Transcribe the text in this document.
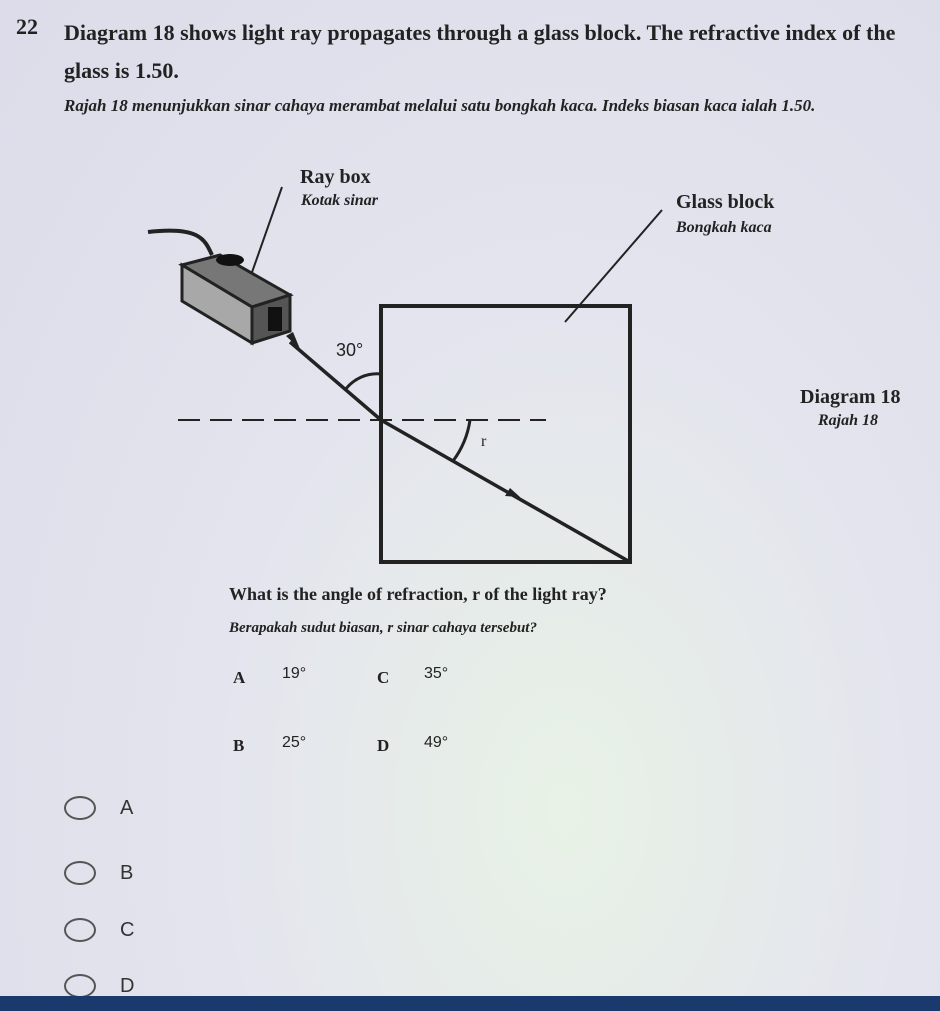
22 Diagram 18 shows light ray propagates through a glass block. The refractive index of the glass is 1.50.
Rajah 18 menunjukkan sinar cahaya merambat melalui satu bongkah kaca. Indeks biasan kaca ialah 1.50.
Ray box
Kotak sinar	Glass block
Bongkah kaca
30°
r
Diagram 18
Rajah 18
What is the angle of refraction, r of the light ray?
Berapakah sudut biasan, r sinar cahaya tersebut?
A 19°
B 25°
C 35°
D 49°
A
B
C
D
